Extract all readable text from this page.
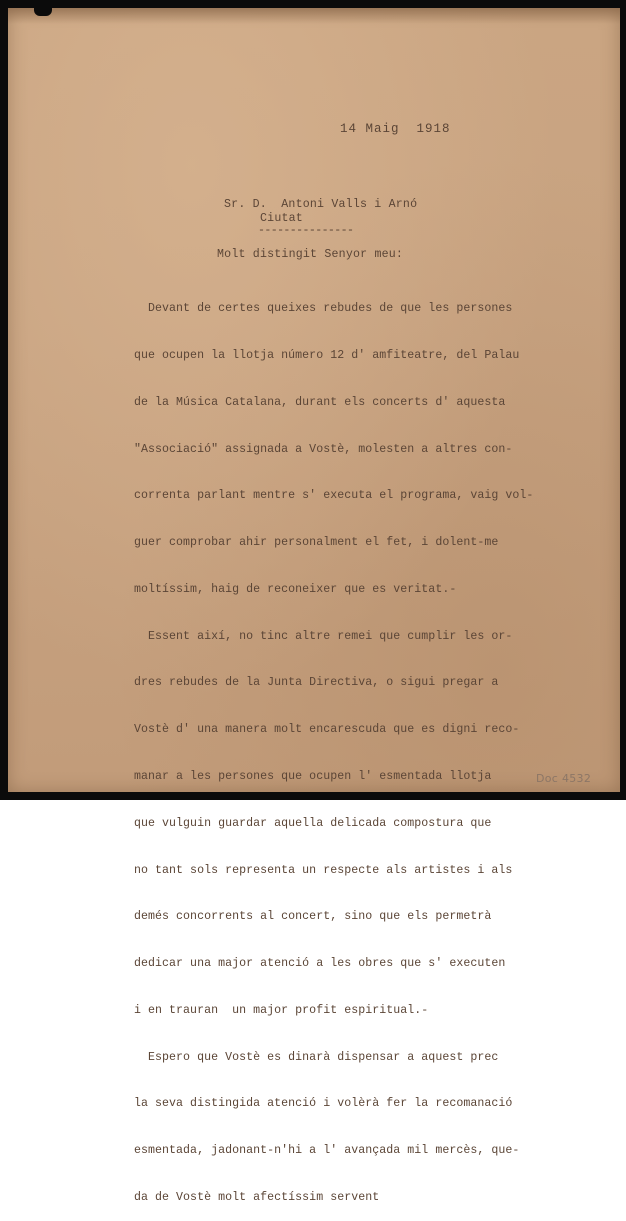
14 Maig  1918
Sr. D.  Antoni Valls i Arnó
Ciutat
---------------
Molt distingit Senyor meu:

Devant de certes queixes rebudes de que les persones

que ocupen la llotja número 12 d' amfiteatre, del Palau

de la Música Catalana, durant els concerts d' aquesta

"Associació" assignada a Vostè, molesten a altres con-

correnta parlant mentre s' executa el programa, vaig vol-

guer comprobar ahir personalment el fet, i dolent-me

moltíssim, haig de reconeixer que es veritat.-

Essent així, no tinc altre remei que cumplir les or-

dres rebudes de la Junta Directiva, o sigui pregar a

Vostè d' una manera molt encarescuda que es digni reco-

manar a les persones que ocupen l' esmentada llotja

que vulguin guardar aquella delicada compostura que

no tant sols representa un respecte als artistes i als

demés concorrents al concert, sino que els permetrà

dedicar una major atenció a les obres que s' executen

i en trauran  un major profit espiritual.-

Espero que Vostè es dinarà dispensar a aquest prec

la seva distingida atenció i volèrà fer la recomanació

esmentada, jadonant-n'hi a l' avançada mil mercès, que-

da de Vostè molt afectíssim servent

Doc 4532
